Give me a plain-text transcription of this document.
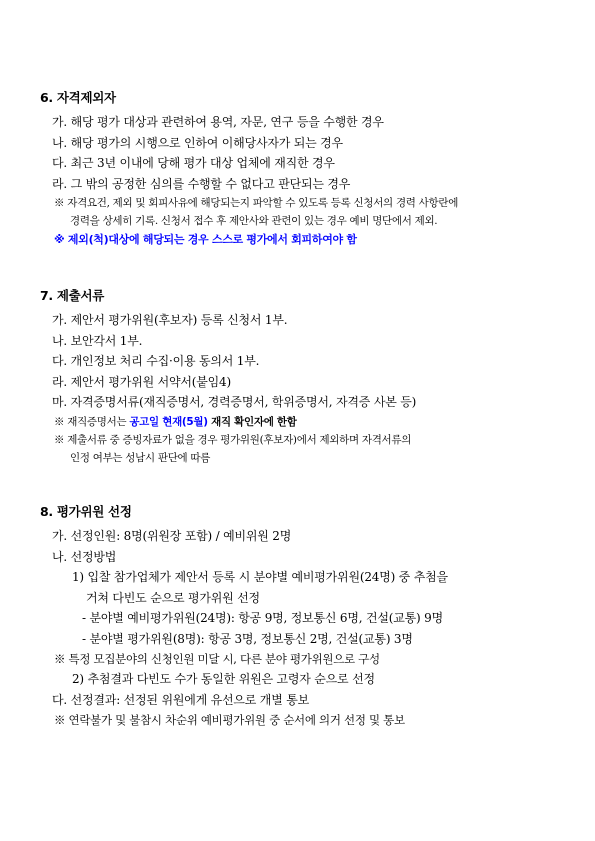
6. 자격제외자
가. 해당 평가 대상과 관련하여 용역, 자문, 연구 등을 수행한 경우
나. 해당 평가의 시행으로 인하여 이해당사자가 되는 경우
다. 최근 3년 이내에 당해 평가 대상 업체에 재직한 경우
라. 그 밖의 공정한 심의를 수행할 수 없다고 판단되는 경우
※ 자격요건, 제외 및 회피사유에 해당되는지 파악할 수 있도록 등록 신청서의 경력 사항란에
경력을 상세히 기록. 신청서 접수 후 제안사와 관련이 있는 경우 예비 명단에서 제외.
※ 제외(척)대상에 해당되는 경우 스스로 평가에서 회피하여야 함
7. 제출서류
가. 제안서 평가위원(후보자) 등록 신청서 1부.
나. 보안각서 1부.
다. 개인정보 처리 수집·이용 동의서 1부.
라. 제안서 평가위원 서약서(붙임4)
마. 자격증명서류(재직증명서, 경력증명서, 학위증명서, 자격증 사본 등)
※ 재직증명서는 공고일 현재(5월) 재직 확인자에 한함
※ 제출서류 중 증빙자료가 없을 경우 평가위원(후보자)에서 제외하며 자격서류의
인정 여부는 성남시 판단에 따름
8. 평가위원 선정
가. 선정인원: 8명(위원장 포함) / 예비위원 2명
나. 선정방법
1) 입찰 참가업체가 제안서 등록 시 분야별 예비평가위원(24명) 중 추첨을
거쳐 다빈도 순으로 평가위원 선정
- 분야별 예비평가위원(24명): 항공 9명, 정보통신 6명, 건설(교통) 9명
- 분야별 평가위원(8명): 항공 3명, 정보통신 2명, 건설(교통) 3명
※ 특정 모집분야의 신청인원 미달 시, 다른 분야 평가위원으로 구성
2) 추첨결과 다빈도 수가 동일한 위원은 고령자 순으로 선정
다. 선정결과: 선정된 위원에게 유선으로 개별 통보
※ 연락불가 및 불참시 차순위 예비평가위원 중 순서에 의거 선정 및 통보
